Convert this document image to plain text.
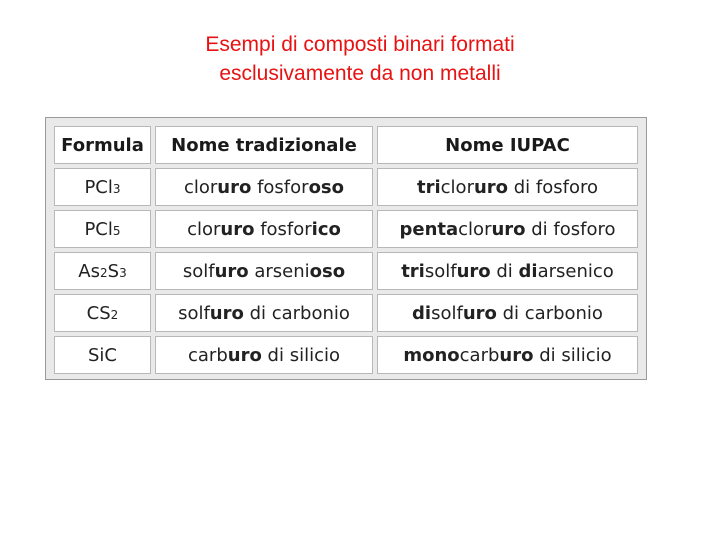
Esempi di composti binari formati
esclusivamente da non metalli
Formula	Nome tradizionale	Nome IUPAC
PCl3	cloruro fosforoso	tricloruro di fosforo
PCl5	cloruro fosforico	pentacloruro di fosforo
As2S3	solfuro arsenioso	trisolfuro di diarsenico
CS2	solfuro di carbonio	disolfuro di carbonio
SiC	carburo di silicio	monocarburo di silicio
